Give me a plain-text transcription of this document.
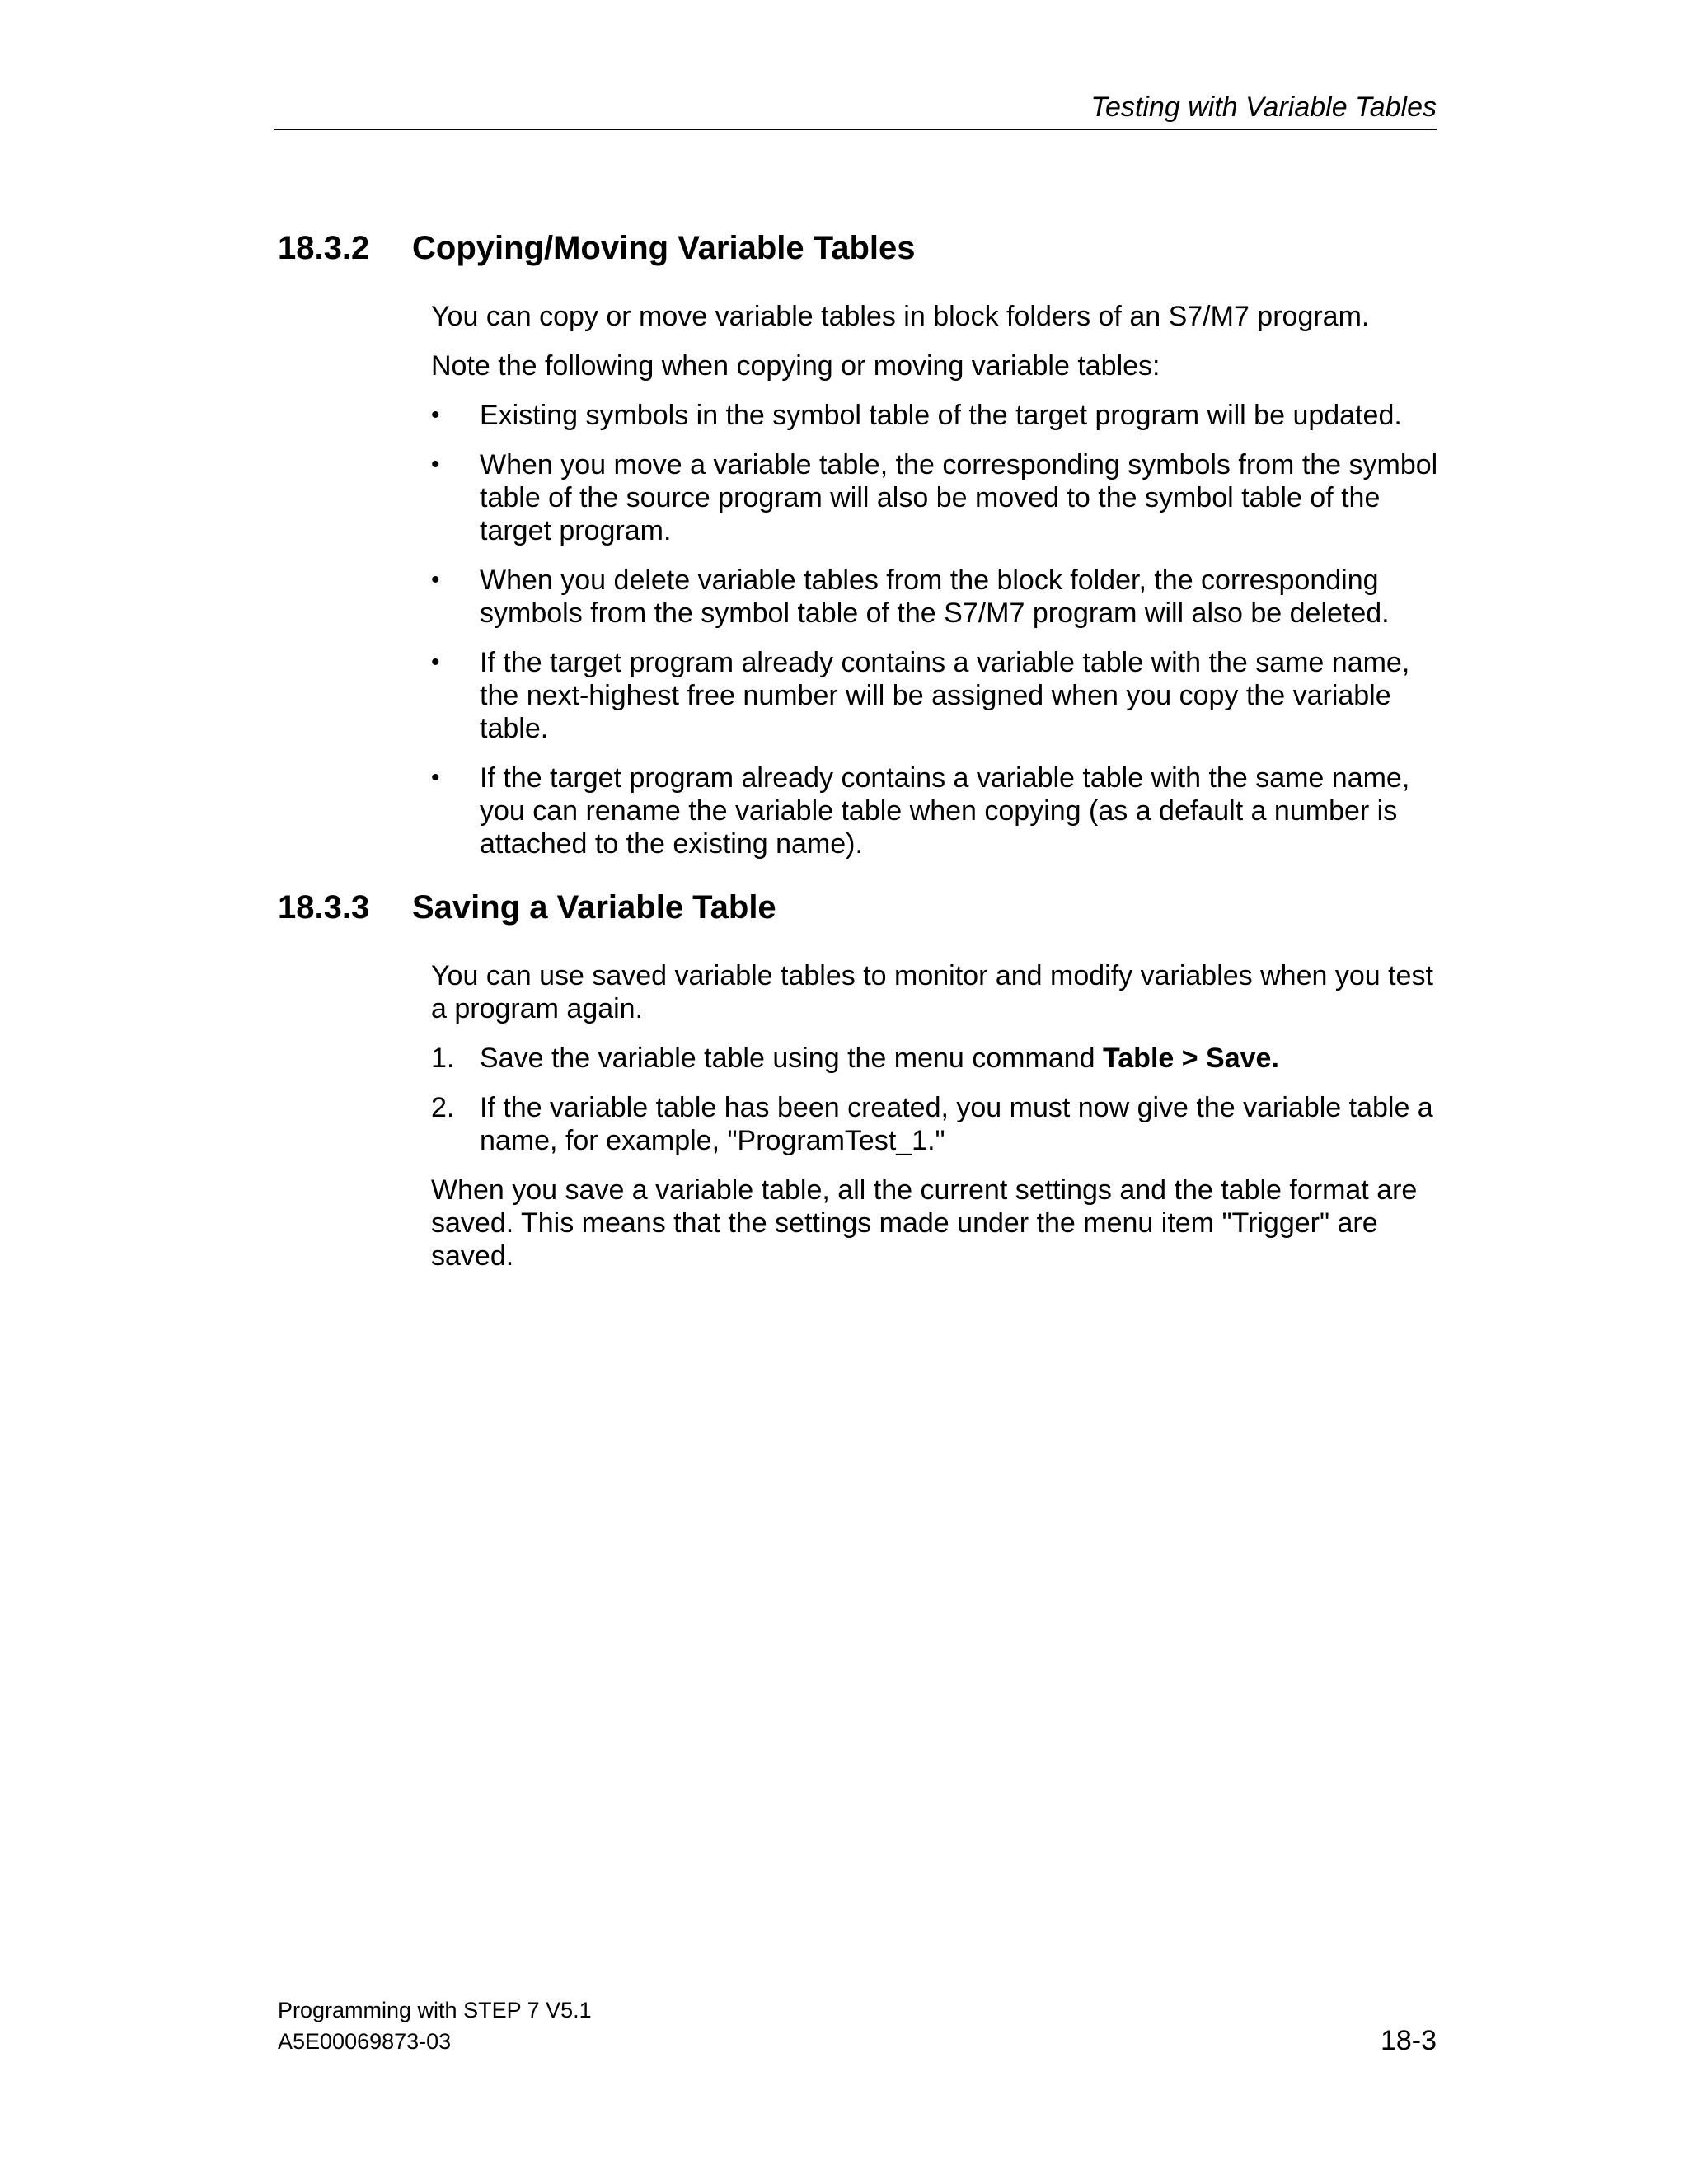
Testing with Variable Tables
18.3.2 Copying/Moving Variable Tables

You can copy or move variable tables in block folders of an S7/M7 program.

Note the following when copying or moving variable tables:

• Existing symbols in the symbol table of the target program will be updated.
• When you move a variable table, the corresponding symbols from the symbol table of the source program will also be moved to the symbol table of the target program.
• When you delete variable tables from the block folder, the corresponding symbols from the symbol table of the S7/M7 program will also be deleted.
• If the target program already contains a variable table with the same name, the next-highest free number will be assigned when you copy the variable table.
• If the target program already contains a variable table with the same name, you can rename the variable table when copying (as a default a number is attached to the existing name).
18.3.3 Saving a Variable Table

You can use saved variable tables to monitor and modify variables when you test a program again.

1. Save the variable table using the menu command Table > Save.
2. If the variable table has been created, you must now give the variable table a name, for example, "ProgramTest_1."

When you save a variable table, all the current settings and the table format are saved. This means that the settings made under the menu item "Trigger" are saved.

Programming with STEP 7 V5.1
A5E00069873-03	18-3
